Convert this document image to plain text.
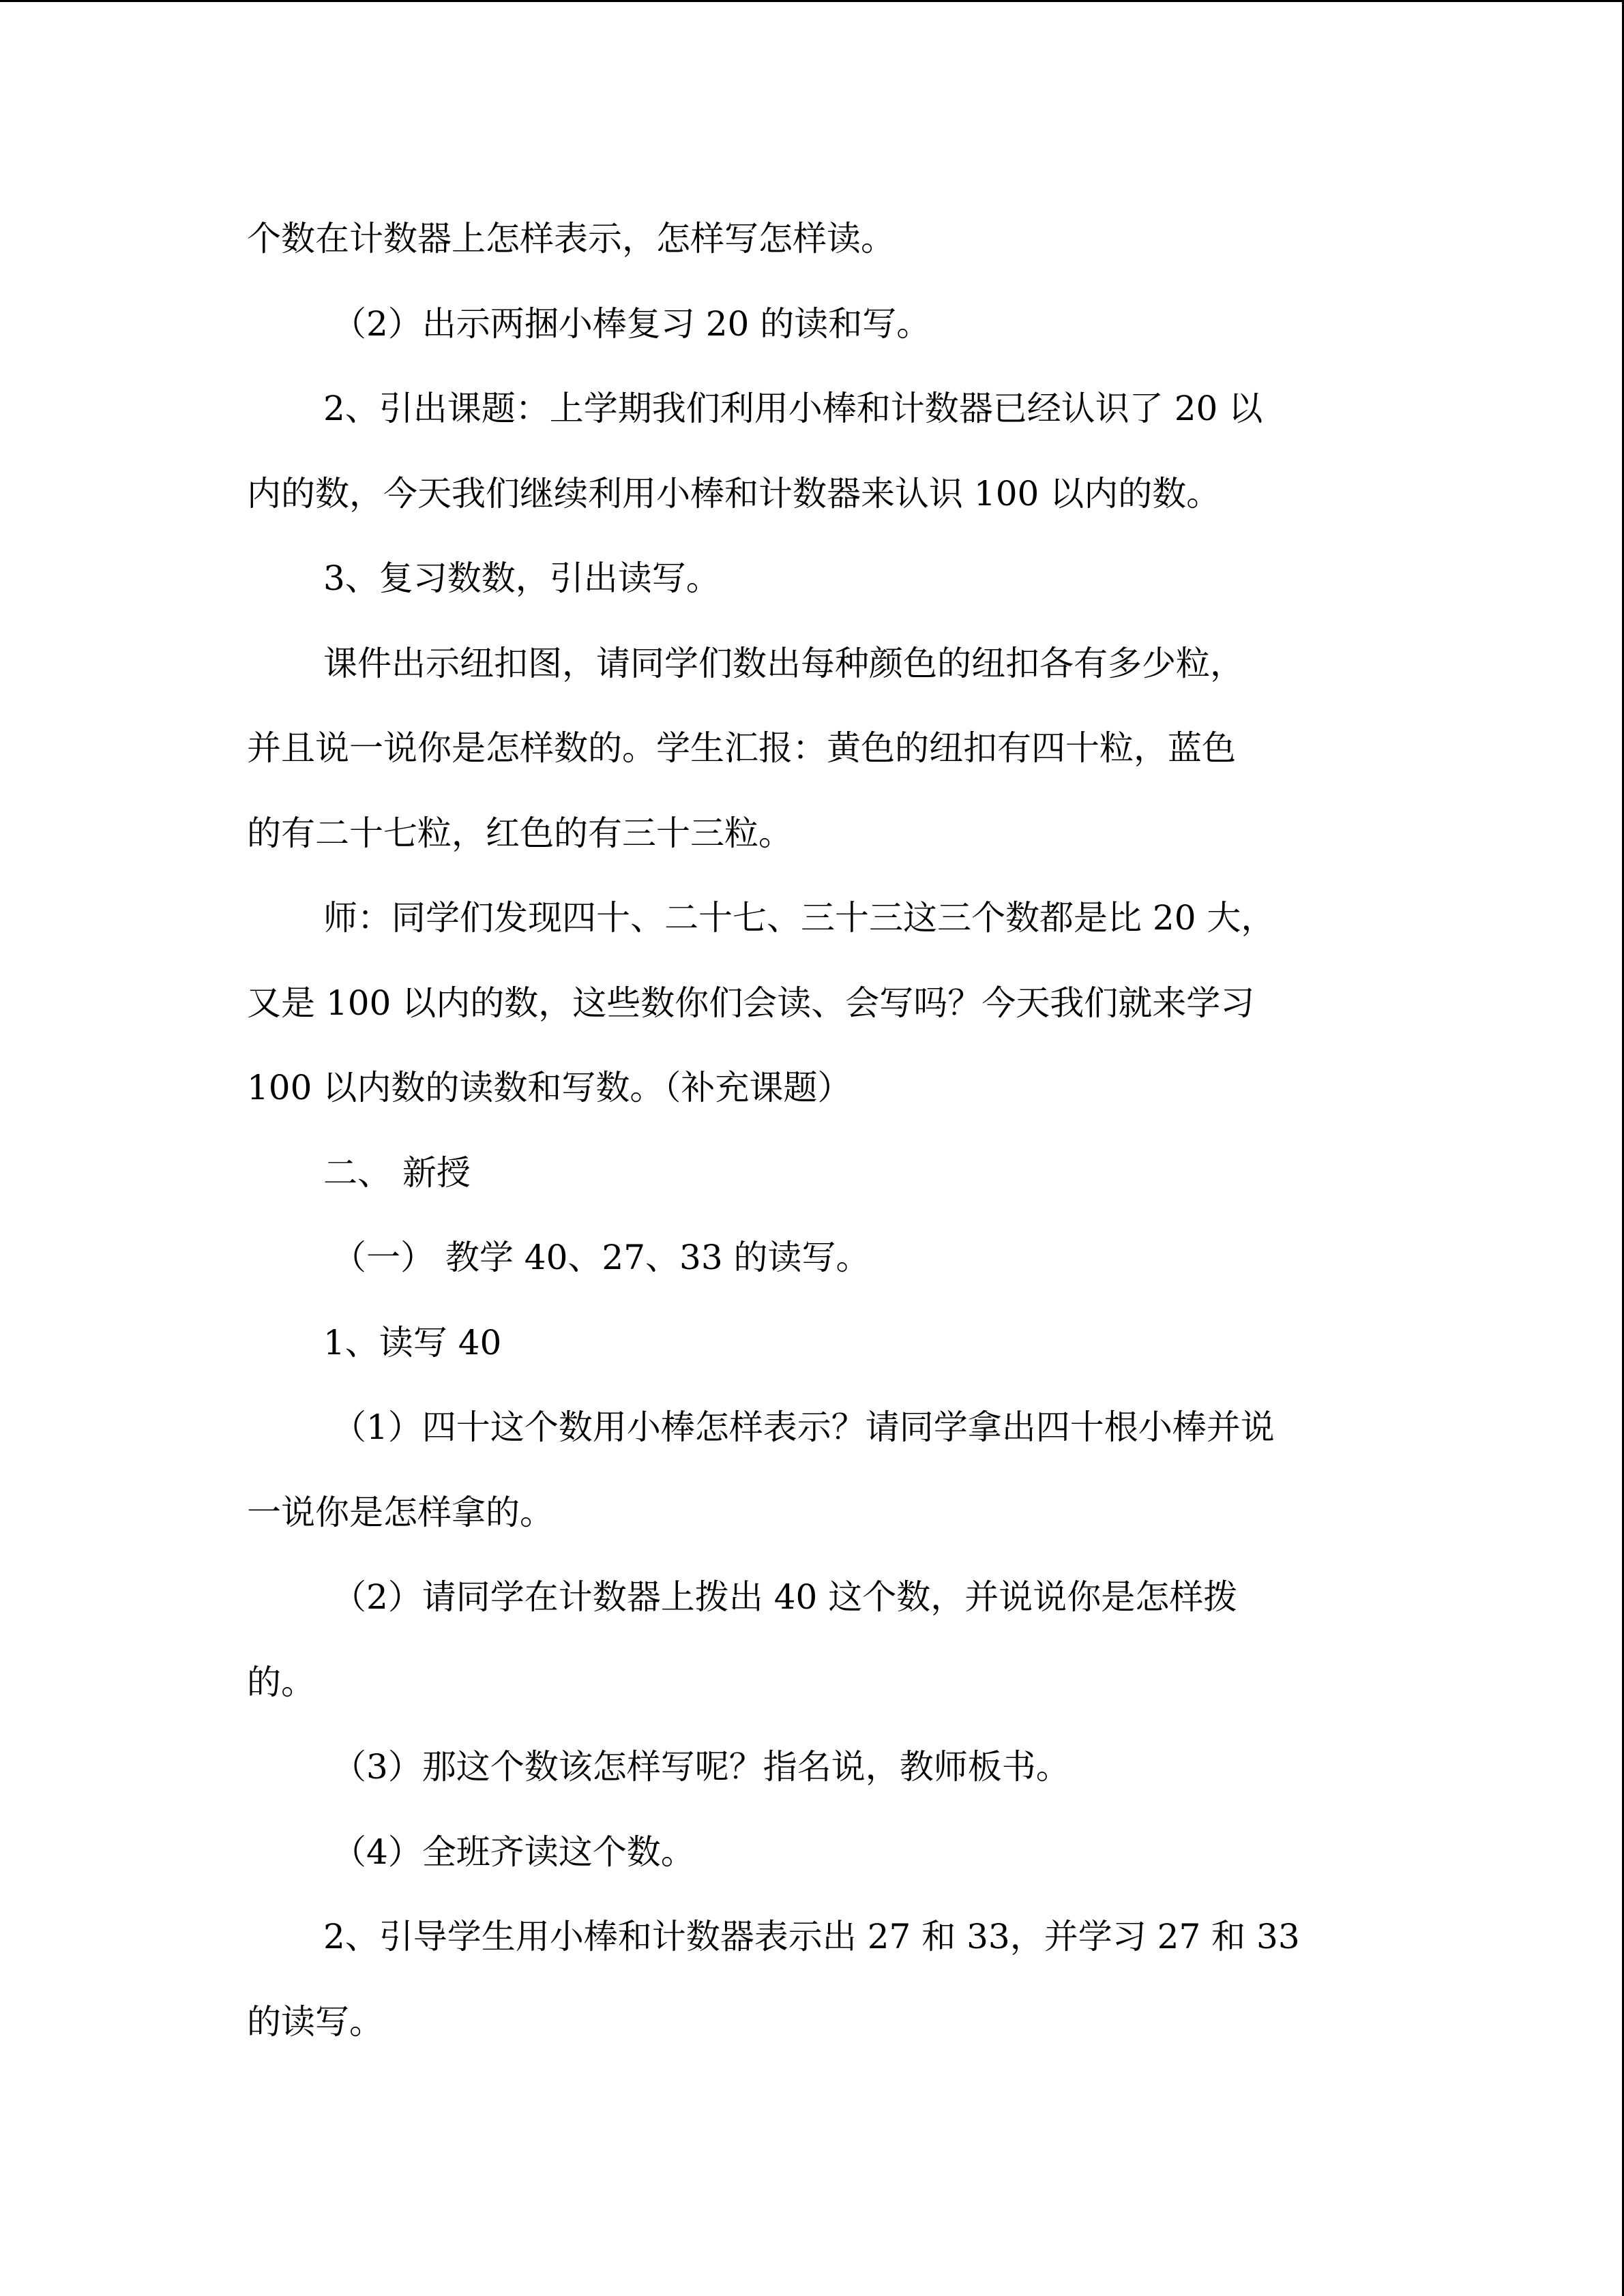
个数在计数器上怎样表示，怎样写怎样读。
（2）出示两捆小棒复习 20 的读和写。
2、引出课题：上学期我们利用小棒和计数器已经认识了 20 以
内的数，今天我们继续利用小棒和计数器来认识 100 以内的数。
3、复习数数，引出读写。
课件出示纽扣图，请同学们数出每种颜色的纽扣各有多少粒，
并且说一说你是怎样数的。学生汇报：黄色的纽扣有四十粒，蓝色
的有二十七粒，红色的有三十三粒。
师：同学们发现四十、二十七、三十三这三个数都是比 20 大，
又是 100 以内的数，这些数你们会读、会写吗？今天我们就来学习
100 以内数的读数和写数。（补充课题）
二、 新授
（一） 教学 40、27、33 的读写。
1、读写 40
（1）四十这个数用小棒怎样表示？请同学拿出四十根小棒并说
一说你是怎样拿的。
（2）请同学在计数器上拨出 40 这个数，并说说你是怎样拨
的。
（3）那这个数该怎样写呢？指名说，教师板书。
（4）全班齐读这个数。
2、引导学生用小棒和计数器表示出 27 和 33，并学习 27 和 33
的读写。
